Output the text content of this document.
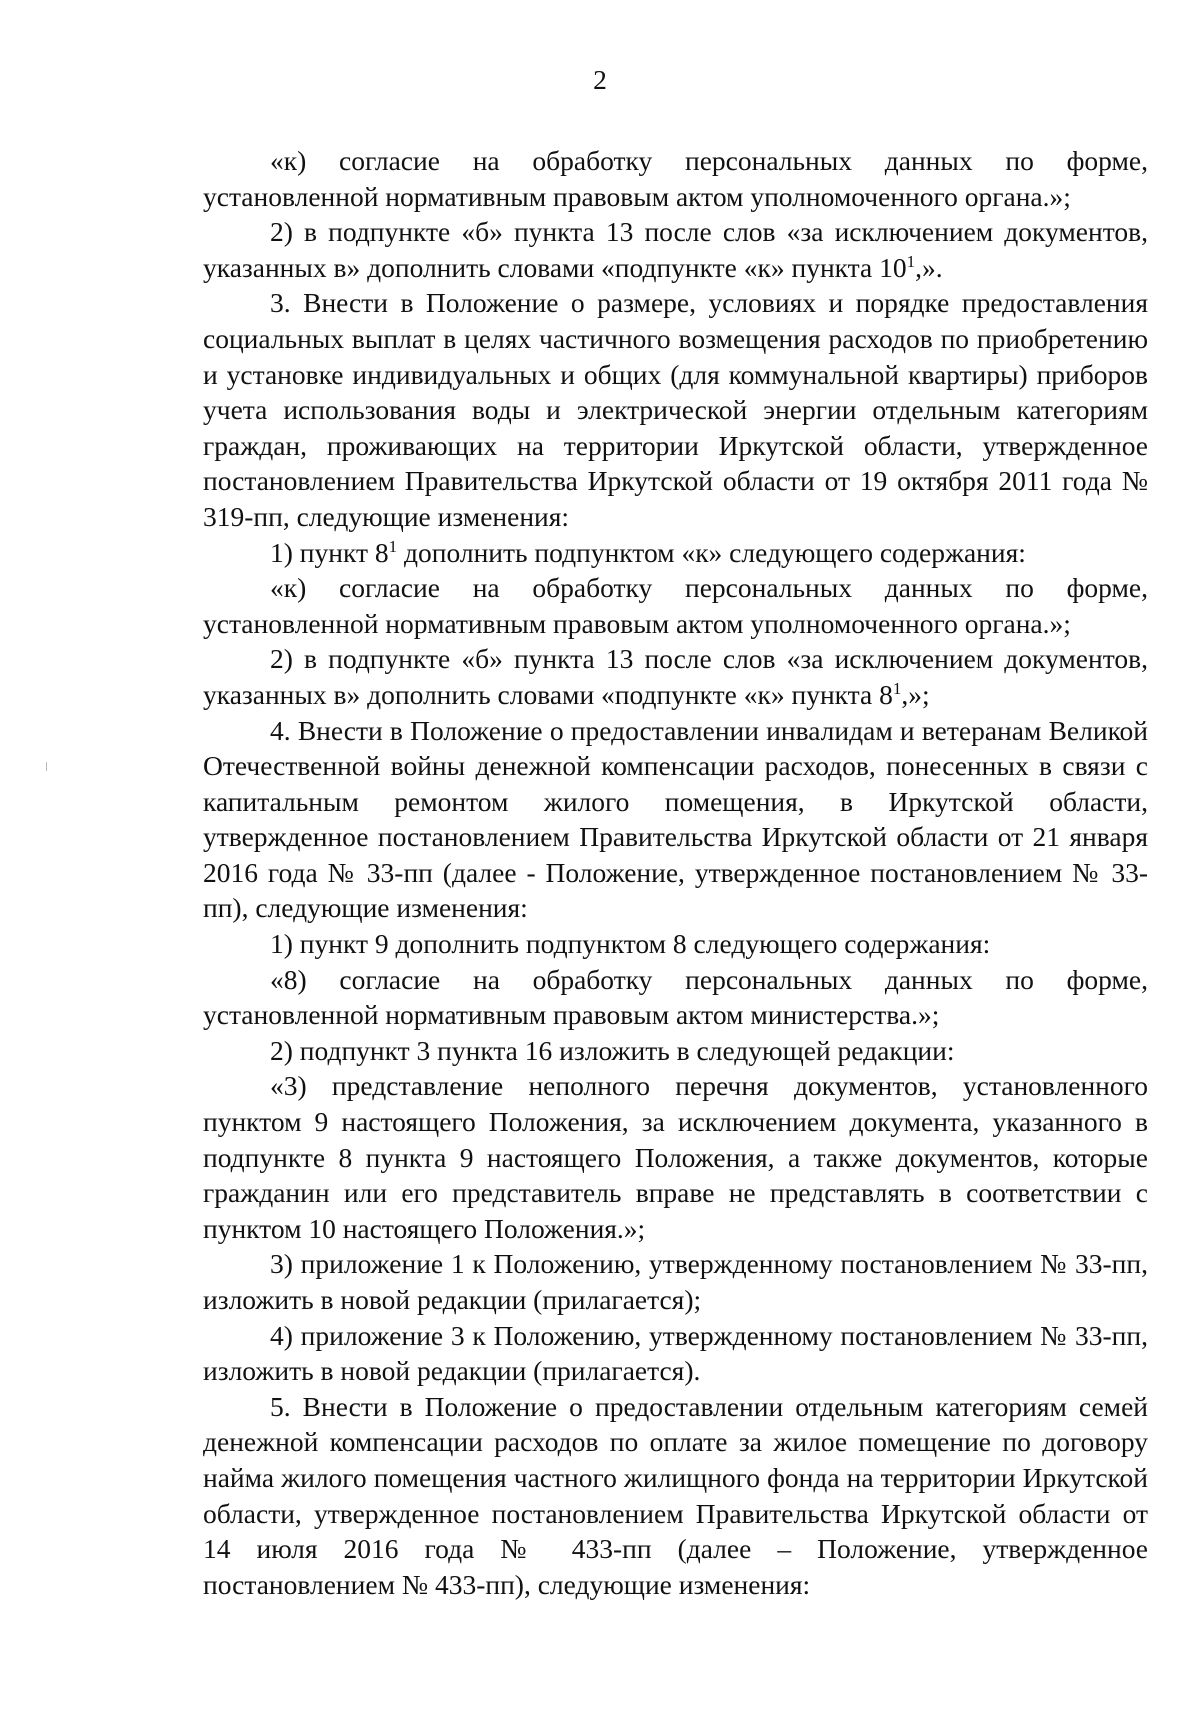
2

«к) согласие на обработку персональных данных по форме, установленной нормативным правовым актом уполномоченного органа.»;

2) в подпункте «б» пункта 13 после слов «за исключением документов, указанных в» дополнить словами «подпункте «к» пункта $10^1$,».

3. Внести в Положение о размере, условиях и порядке предоставления социальных выплат в целях частичного возмещения расходов по приобретению и установке индивидуальных и общих (для коммунальной квартиры) приборов учета использования воды и электрической энергии отдельным категориям граждан, проживающих на территории Иркутской области, утвержденное постановлением Правительства Иркутской области от 19 октября 2011 года № 319-пп, следующие изменения:

1) пункт $8^1$ дополнить подпунктом «к» следующего содержания:

«к) согласие на обработку персональных данных по форме, установленной нормативным правовым актом уполномоченного органа.»;

2) в подпункте «б» пункта 13 после слов «за исключением документов, указанных в» дополнить словами «подпункте «к» пункта $8^1$,»;

4. Внести в Положение о предоставлении инвалидам и ветеранам Великой Отечественной войны денежной компенсации расходов, понесенных в связи с капитальным ремонтом жилого помещения, в Иркутской области, утвержденное постановлением Правительства Иркутской области от 21 января 2016 года № 33-пп (далее - Положение, утвержденное постановлением № 33-пп), следующие изменения:

1) пункт 9 дополнить подпунктом 8 следующего содержания:

«8) согласие на обработку персональных данных по форме, установленной нормативным правовым актом министерства.»;

2) подпункт 3 пункта 16 изложить в следующей редакции:

«3) представление неполного перечня документов, установленного пунктом 9 настоящего Положения, за исключением документа, указанного в подпункте 8 пункта 9 настоящего Положения, а также документов, которые гражданин или его представитель вправе не представлять в соответствии с пунктом 10 настоящего Положения.»;

3) приложение 1 к Положению, утвержденному постановлением № 33-пп, изложить в новой редакции (прилагается);

4) приложение 3 к Положению, утвержденному постановлением № 33-пп, изложить в новой редакции (прилагается).

5. Внести в Положение о предоставлении отдельным категориям семей денежной компенсации расходов по оплате за жилое помещение по договору найма жилого помещения частного жилищного фонда на территории Иркутской области, утвержденное постановлением Правительства Иркутской области от 14 июля 2016 года № 433-пп (далее – Положение, утвержденное постановлением № 433-пп), следующие изменения:
